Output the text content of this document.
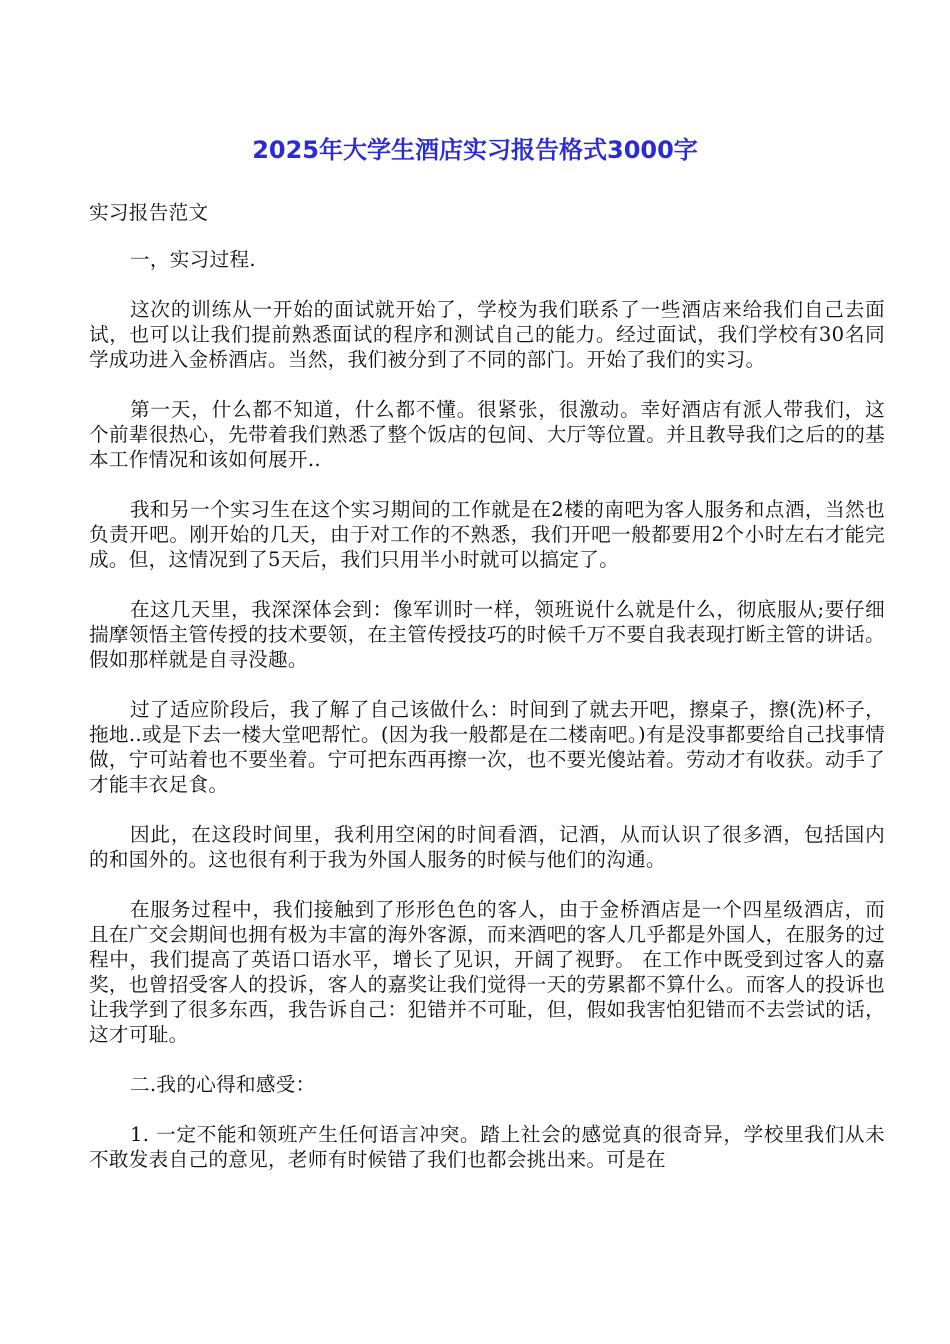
2025年大学生酒店实习报告格式3000字

实习报告范文

一，实习过程.

这次的训练从一开始的面试就开始了，学校为我们联系了一些酒店来给我们自己去面试，也可以让我们提前熟悉面试的程序和测试自己的能力。经过面试，我们学校有30名同学成功进入金桥酒店。当然，我们被分到了不同的部门。开始了我们的实习。

第一天，什么都不知道，什么都不懂。很紧张，很激动。幸好酒店有派人带我们，这个前辈很热心，先带着我们熟悉了整个饭店的包间、大厅等位置。并且教导我们之后的的基本工作情况和该如何展开..

我和另一个实习生在这个实习期间的工作就是在2楼的南吧为客人服务和点酒，当然也负责开吧。刚开始的几天，由于对工作的不熟悉，我们开吧一般都要用2个小时左右才能完成。但，这情况到了5天后，我们只用半小时就可以搞定了。

在这几天里，我深深体会到：像军训时一样，领班说什么就是什么，彻底服从;要仔细揣摩领悟主管传授的技术要领，在主管传授技巧的时候千万不要自我表现打断主管的讲话。假如那样就是自寻没趣。

过了适应阶段后，我了解了自己该做什么：时间到了就去开吧，擦桌子，擦(洗)杯子，拖地..或是下去一楼大堂吧帮忙。(因为我一般都是在二楼南吧。)有是没事都要给自己找事情做，宁可站着也不要坐着。宁可把东西再擦一次，也不要光傻站着。劳动才有收获。动手了才能丰衣足食。

因此，在这段时间里，我利用空闲的时间看酒，记酒，从而认识了很多酒，包括国内的和国外的。这也很有利于我为外国人服务的时候与他们的沟通。

在服务过程中，我们接触到了形形色色的客人，由于金桥酒店是一个四星级酒店，而且在广交会期间也拥有极为丰富的海外客源，而来酒吧的客人几乎都是外国人，在服务的过程中，我们提高了英语口语水平，增长了见识，开阔了视野。 在工作中既受到过客人的嘉奖，也曾招受客人的投诉，客人的嘉奖让我们觉得一天的劳累都不算什么。而客人的投诉也让我学到了很多东西，我告诉自己：犯错并不可耻，但，假如我害怕犯错而不去尝试的话，这才可耻。

二.我的心得和感受：

1. 一定不能和领班产生任何语言冲突。踏上社会的感觉真的很奇异，学校里我们从未不敢发表自己的意见，老师有时候错了我们也都会挑出来。可是在
